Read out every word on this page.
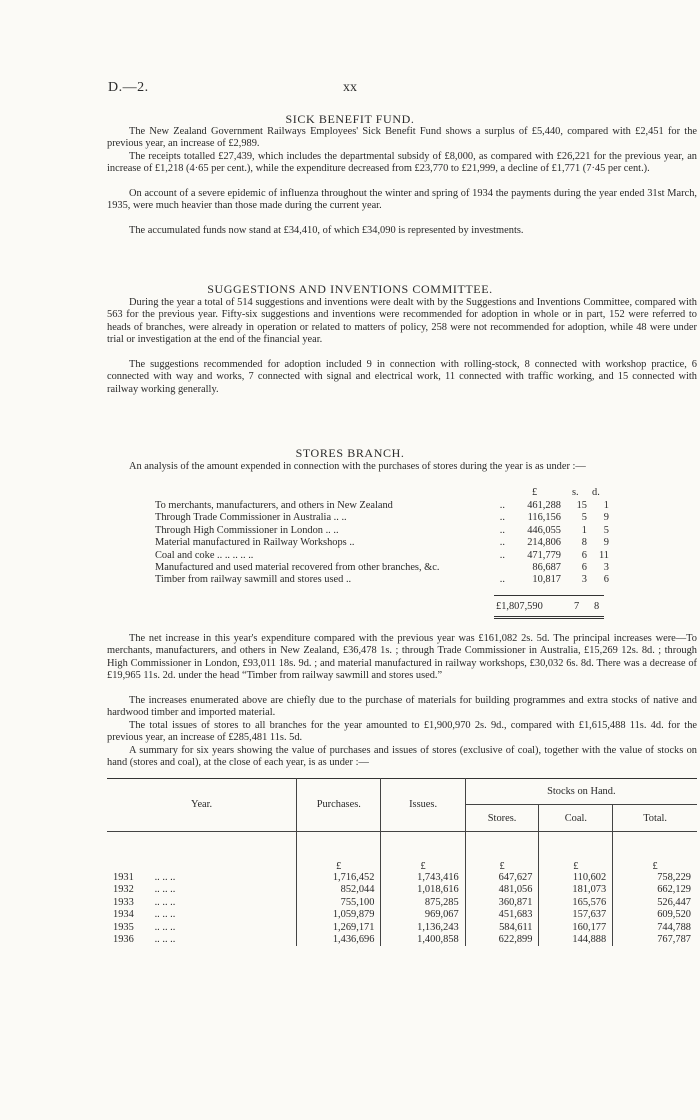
D.—2.	xx
SICK BENEFIT FUND.

The New Zealand Government Railways Employees' Sick Benefit Fund shows a surplus of £5,440, compared with £2,451 for the previous year, an increase of £2,989.

The receipts totalled £27,439, which includes the departmental subsidy of £8,000, as compared with £26,221 for the previous year, an increase of £1,218 (4·65 per cent.), while the expenditure decreased from £23,770 to £21,999, a decline of £1,771 (7·45 per cent.).

On account of a severe epidemic of influenza throughout the winter and spring of 1934 the payments during the year ended 31st March, 1935, were much heavier than those made during the current year.

The accumulated funds now stand at £34,410, of which £34,090 is represented by investments.

SUGGESTIONS AND INVENTIONS COMMITTEE.

During the year a total of 514 suggestions and inventions were dealt with by the Suggestions and Inventions Committee, compared with 563 for the previous year. Fifty-six suggestions and inventions were recommended for adoption in whole or in part, 152 were referred to heads of branches, were already in operation or related to matters of policy, 258 were not recommended for adoption, while 48 were under trial or investigation at the end of the financial year.

The suggestions recommended for adoption included 9 in connection with rolling-stock, 8 connected with workshop practice, 6 connected with way and works, 7 connected with signal and electrical work, 11 connected with traffic working, and 15 connected with railway working generally.

STORES BRANCH.

An analysis of the amount expended in connection with the purchases of stores during the year is as under :—

£	s. d.
To merchants, manufacturers, and others in New Zealand	..	461,288	15	1
Through Trade Commissioner in Australia .. ..	..	116,156	5	9
Through High Commissioner in London .. ..	..	446,055	1	5
Material manufactured in Railway Workshops ..	..	214,806	8	9
Coal and coke .. .. .. .. ..	..	471,779	6	11
Manufactured and used material recovered from other branches, &c.	86,687	6	3
Timber from railway sawmill and stores used ..	..	10,817	3	6
£1,807,590	7 8

The net increase in this year's expenditure compared with the previous year was £161,082 2s. 5d. The principal increases were—To merchants, manufacturers, and others in New Zealand, £36,478 1s. ; through Trade Commissioner in Australia, £15,269 12s. 8d. ; through High Commissioner in London, £93,011 18s. 9d. ; and material manufactured in railway workshops, £30,032 6s. 8d. There was a decrease of £19,965 11s. 2d. under the head “Timber from railway sawmill and stores used.”

The increases enumerated above are chiefly due to the purchase of materials for building programmes and extra stocks of native and hardwood timber and imported material.

The total issues of stores to all branches for the year amounted to £1,900,970 2s. 9d., compared with £1,615,488 11s. 4d. for the previous year, an increase of £285,481 11s. 5d.

A summary for six years showing the value of purchases and issues of stores (exclusive of coal), together with the value of stocks on hand (stores and coal), at the close of each year, is as under :—

Year.	Purchases.	Issues.	Stocks on Hand.		
			Stores.	Coal.	Total.
	£	£	£	£	£
1931 .. .. ..	1,716,452	1,743,416	647,627	110,602	758,229
1932 .. .. ..	852,044	1,018,616	481,056	181,073	662,129
1933 .. .. ..	755,100	875,285	360,871	165,576	526,447
1934 .. .. ..	1,059,879	969,067	451,683	157,637	609,520
1935 .. .. ..	1,269,171	1,136,243	584,611	160,177	744,788
1936 .. .. ..	1,436,696	1,400,858	622,899	144,888	767,787
